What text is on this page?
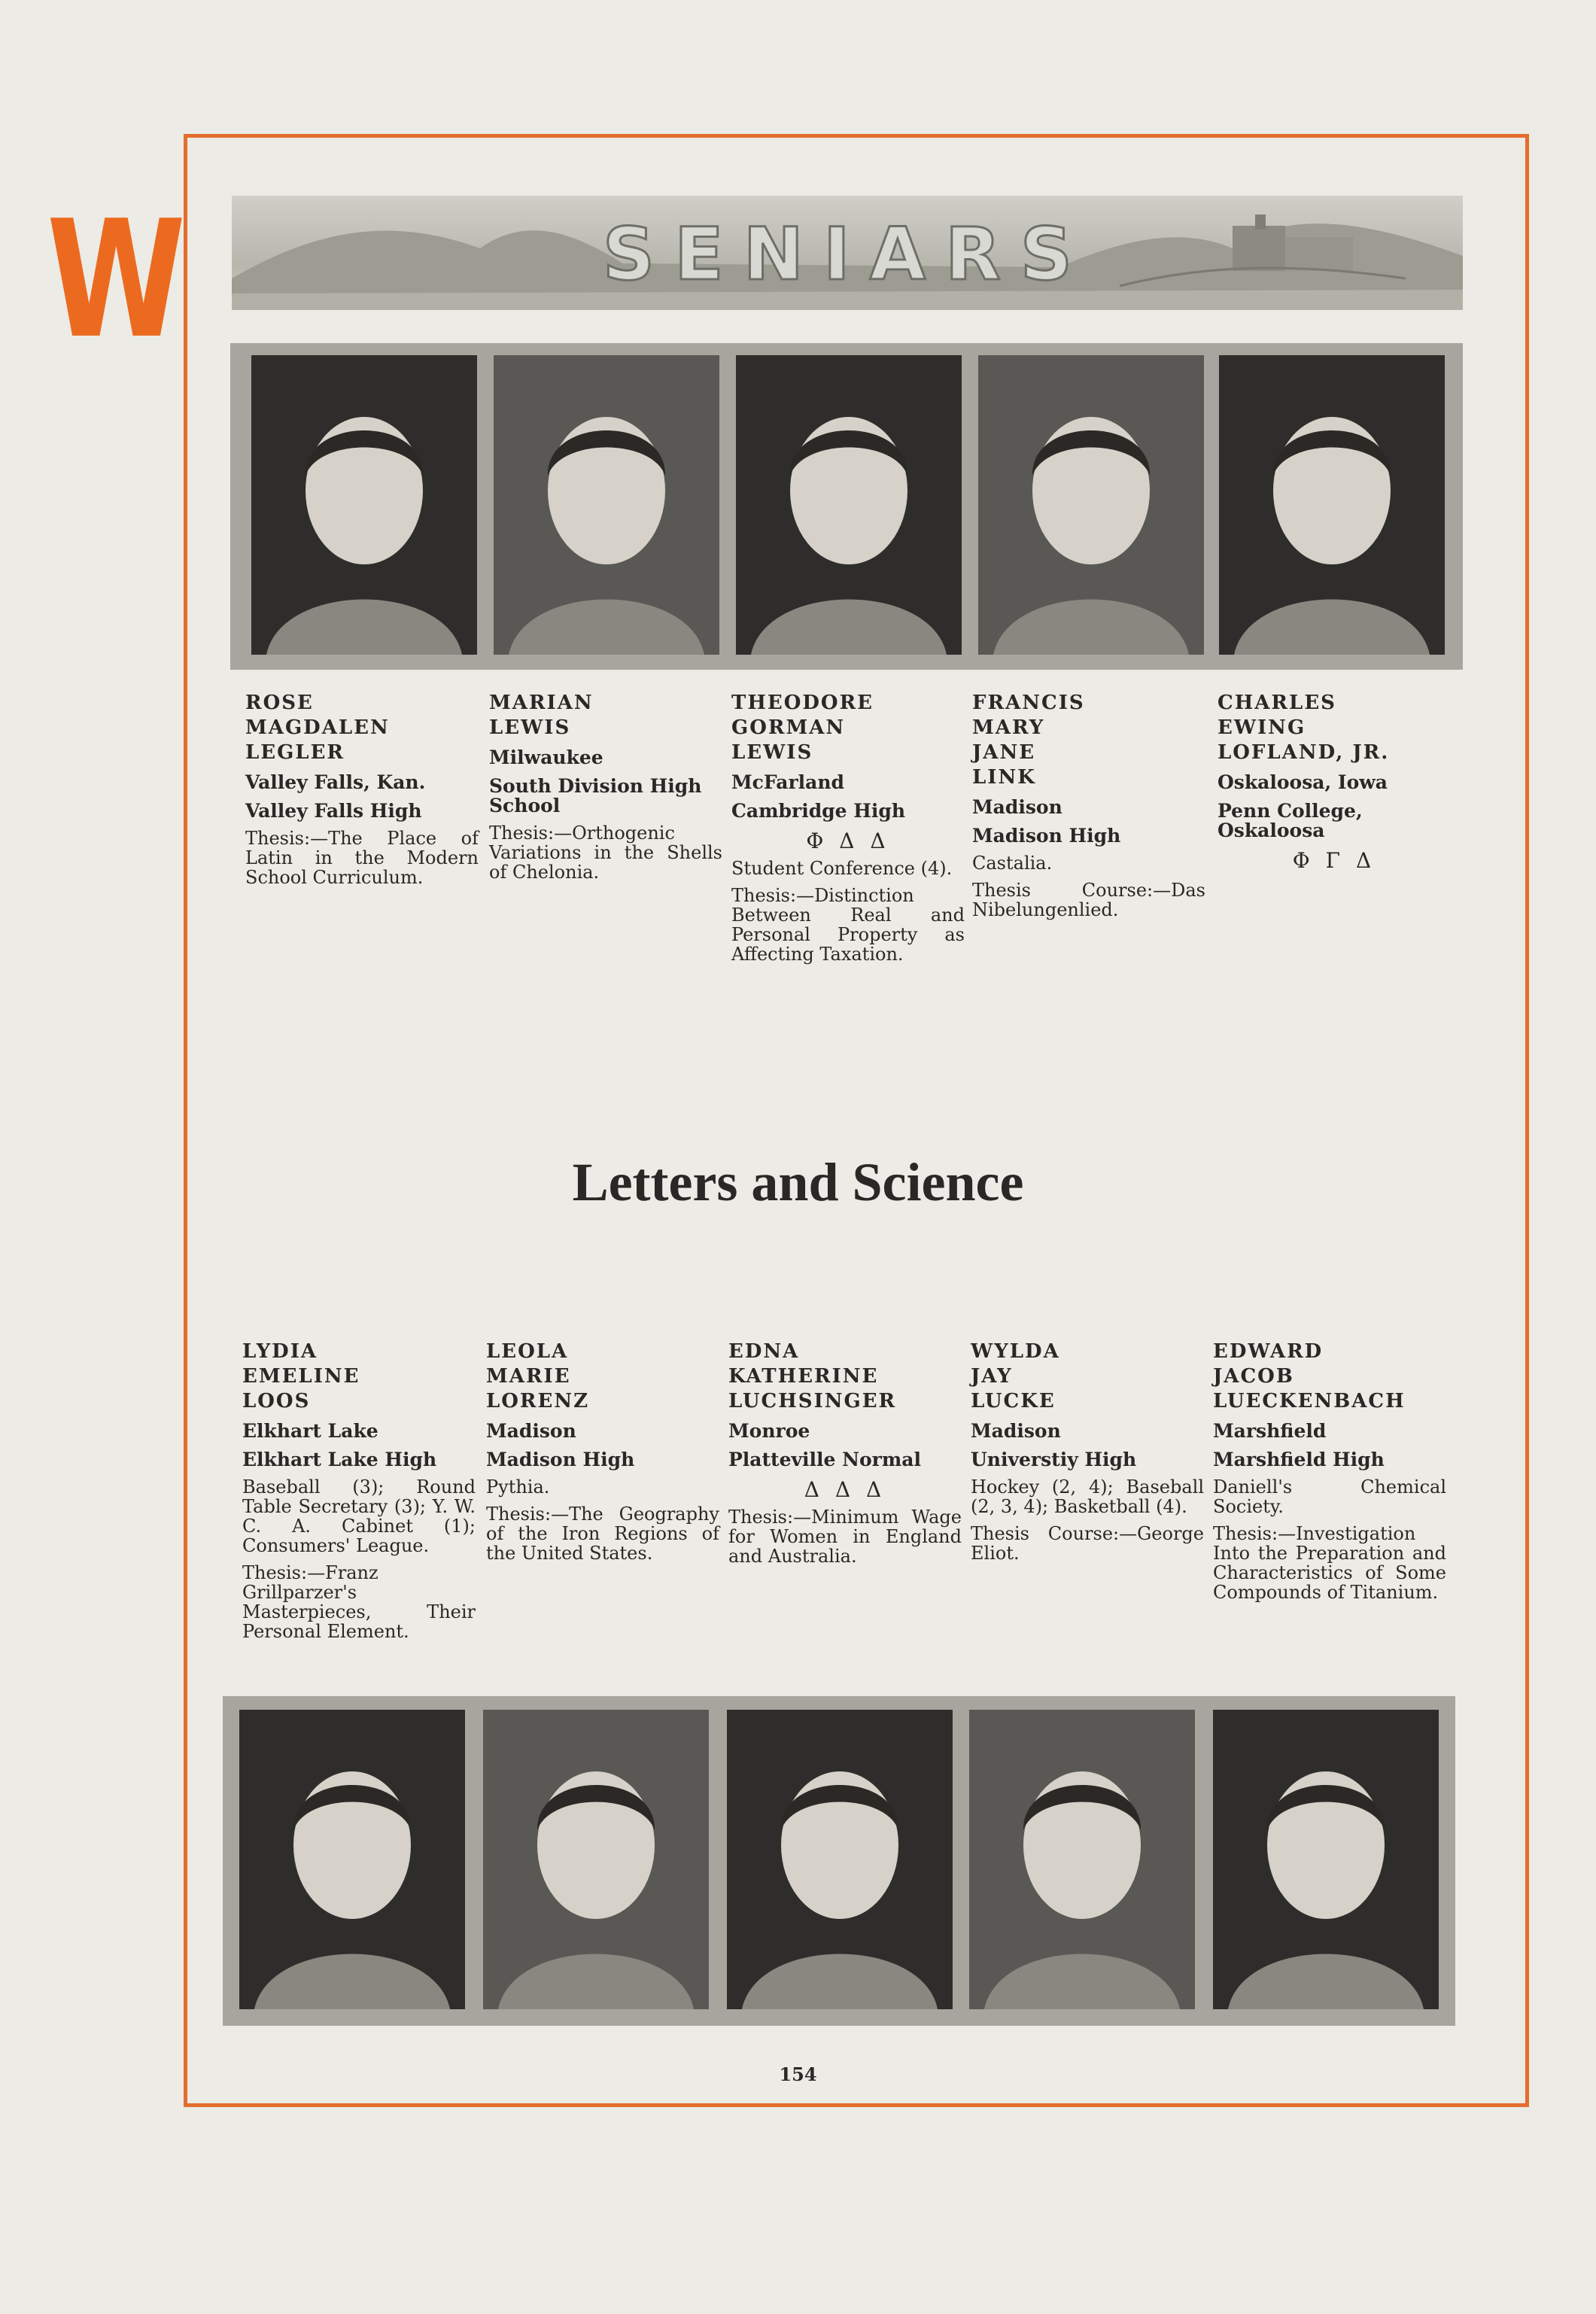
W	SENIARS
ROSE
MAGDALEN
LEGLER
Valley Falls, Kan.
Valley Falls High
Thesis:—The Place of Latin in the Modern School Curriculum.
MARIAN
LEWIS
Milwaukee
South Division High School
Thesis:—Orthogenic Variations in the Shells of Chelonia.
THEODORE
GORMAN
LEWIS
McFarland
Cambridge High
Φ Δ Δ
Student Conference (4).
Thesis:—Distinction Between Real and Personal Property as Affecting Taxation.
FRANCIS
MARY
JANE
LINK
Madison
Madison High
Castalia.
Thesis Course:—Das Nibelungenlied.
CHARLES
EWING
LOFLAND, JR.
Oskaloosa, Iowa
Penn College, Oskaloosa
Φ Γ Δ
LYDIA
EMELINE
LOOS
Elkhart Lake
Elkhart Lake High
Baseball (3); Round Table Secretary (3); Y. W. C. A. Cabinet (1); Consumers' League.
Thesis:—Franz Grillparzer's Masterpieces, Their Personal Element.
LEOLA
MARIE
LORENZ
Madison
Madison High
Pythia.
Thesis:—The Geography of the Iron Regions of the United States.
EDNA
KATHERINE
LUCHSINGER
Monroe
Platteville Normal
Δ Δ Δ
Thesis:—Minimum Wage for Women in England and Australia.
WYLDA
JAY
LUCKE
Madison
Universtiy High
Hockey (2, 4); Baseball (2, 3, 4); Basketball (4).
Thesis Course:—George Eliot.
EDWARD
JACOB
LUECKENBACH
Marshfield
Marshfield High
Daniell's Chemical Society.
Thesis:—Investigation Into the Preparation and Characteristics of Some Compounds of Titanium.
Letters and Science
154
